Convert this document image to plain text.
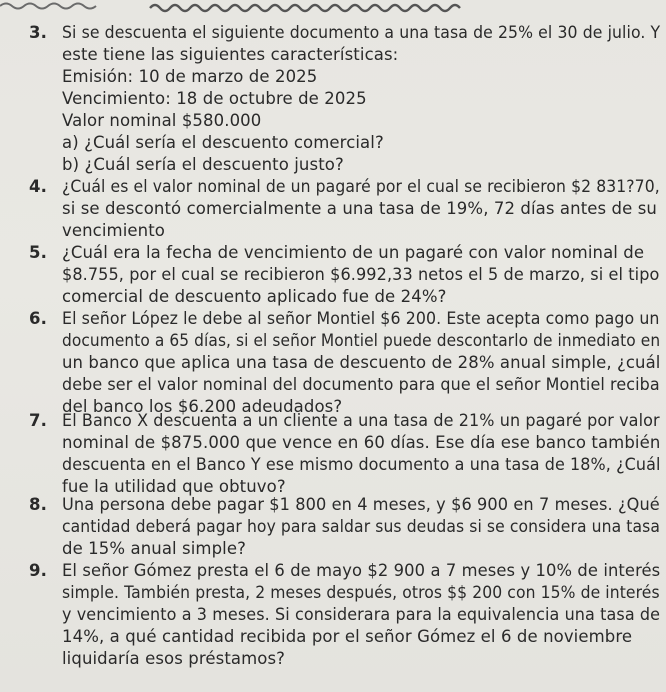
3. Si se descuenta el siguiente documento a una tasa de 25% el 30 de julio. Y
este tiene las siguientes características:
Emisión: 10 de marzo de 2025
Vencimiento: 18 de octubre de 2025
Valor nominal $580.000
a) ¿Cuál sería el descuento comercial?
b) ¿Cuál sería el descuento justo?
4. ¿Cuál es el valor nominal de un pagaré por el cual se recibieron $2 831?70,
si se descontó comercialmente a una tasa de 19%, 72 días antes de su
vencimiento
5. ¿Cuál era la fecha de vencimiento de un pagaré con valor nominal de
$8.755, por el cual se recibieron $6.992,33 netos el 5 de marzo, si el tipo
comercial de descuento aplicado fue de 24%?
6. El señor López le debe al señor Montiel $6 200. Este acepta como pago un
documento a 65 días, si el señor Montiel puede descontarlo de inmediato en
un banco que aplica una tasa de descuento de 28% anual simple, ¿cuál
debe ser el valor nominal del documento para que el señor Montiel reciba
del banco los $6.200 adeudados?
7. El Banco X descuenta a un cliente a una tasa de 21% un pagaré por valor
nominal de $875.000 que vence en 60 días. Ese día ese banco también
descuenta en el Banco Y ese mismo documento a una tasa de 18%, ¿Cuál
fue la utilidad que obtuvo?
8. Una persona debe pagar $1 800 en 4 meses, y $6 900 en 7 meses. ¿Qué
cantidad deberá pagar hoy para saldar sus deudas si se considera una tasa
de 15% anual simple?
9. El señor Gómez presta el 6 de mayo $2 900 a 7 meses y 10% de interés
simple. También presta, 2 meses después, otros $$ 200 con 15% de interés
y vencimiento a 3 meses. Si considerara para la equivalencia una tasa de
14%, a qué cantidad recibida por el señor Gómez el 6 de noviembre
liquidaría esos préstamos?
